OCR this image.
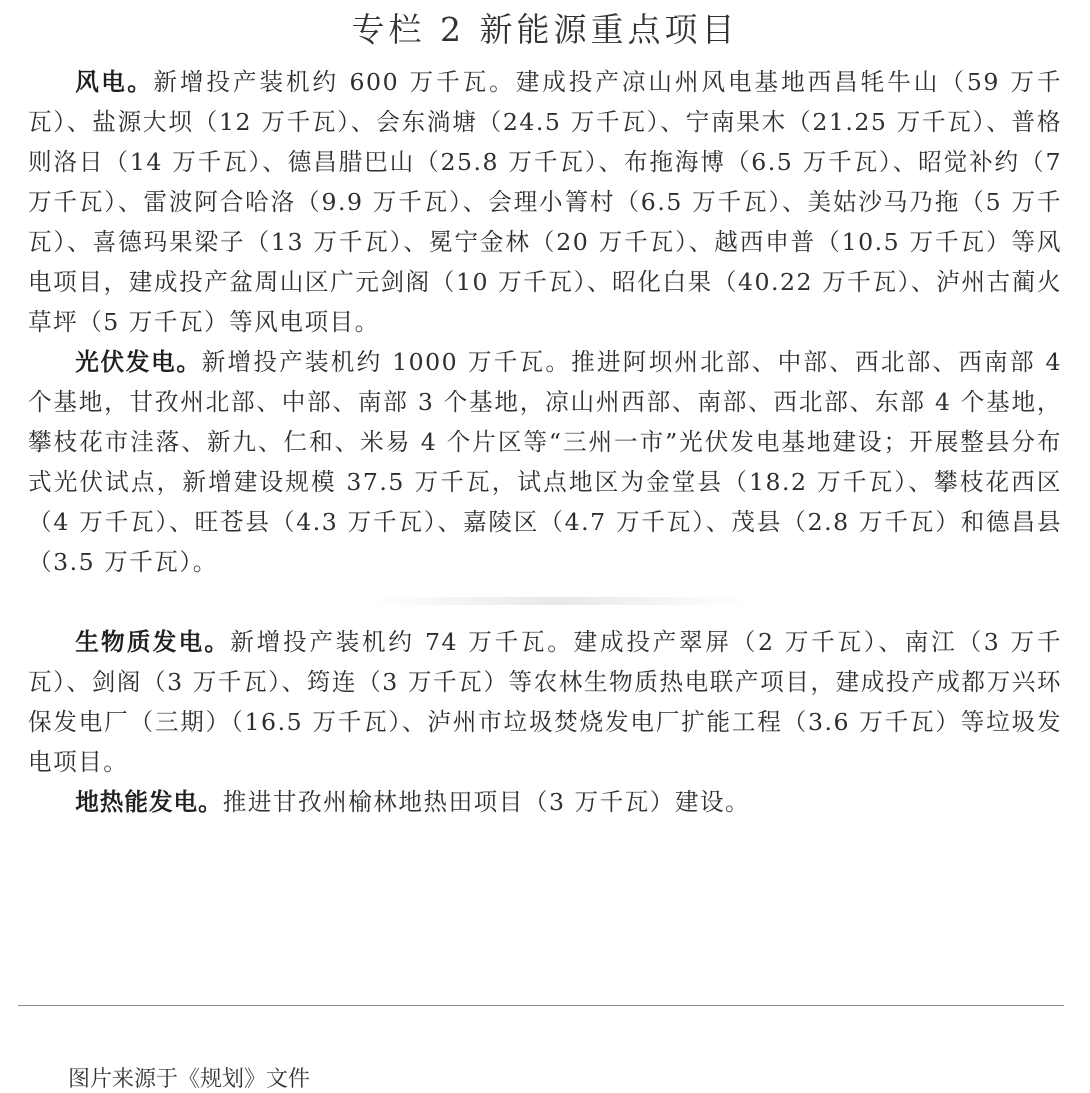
专栏 2 新能源重点项目

风电。新增投产装机约 600 万千瓦。建成投产凉山州风电基地西昌牦牛山（59 万千瓦）、盐源大坝（12 万千瓦）、会东淌塘（24.5 万千瓦）、宁南果木（21.25 万千瓦）、普格则洛日（14 万千瓦）、德昌腊巴山（25.8 万千瓦）、布拖海博（6.5 万千瓦）、昭觉补约（7 万千瓦）、雷波阿合哈洛（9.9 万千瓦）、会理小箐村（6.5 万千瓦）、美姑沙马乃拖（5 万千瓦）、喜德玛果梁子（13 万千瓦）、冕宁金林（20 万千瓦）、越西申普（10.5 万千瓦）等风电项目，建成投产盆周山区广元剑阁（10 万千瓦）、昭化白果（40.22 万千瓦）、泸州古蔺火草坪（5 万千瓦）等风电项目。

光伏发电。新增投产装机约 1000 万千瓦。推进阿坝州北部、中部、西北部、西南部 4 个基地，甘孜州北部、中部、南部 3 个基地，凉山州西部、南部、西北部、东部 4 个基地，攀枝花市洼落、新九、仁和、米易 4 个片区等“三州一市”光伏发电基地建设；开展整县分布式光伏试点，新增建设规模 37.5 万千瓦，试点地区为金堂县（18.2 万千瓦）、攀枝花西区（4 万千瓦）、旺苍县（4.3 万千瓦）、嘉陵区（4.7 万千瓦）、茂县（2.8 万千瓦）和德昌县（3.5 万千瓦）。

生物质发电。新增投产装机约 74 万千瓦。建成投产翠屏（2 万千瓦）、南江（3 万千瓦）、剑阁（3 万千瓦）、筠连（3 万千瓦）等农林生物质热电联产项目，建成投产成都万兴环保发电厂（三期）（16.5 万千瓦）、泸州市垃圾焚烧发电厂扩能工程（3.6 万千瓦）等垃圾发电项目。

地热能发电。推进甘孜州榆林地热田项目（3 万千瓦）建设。

图片来源于《规划》文件
